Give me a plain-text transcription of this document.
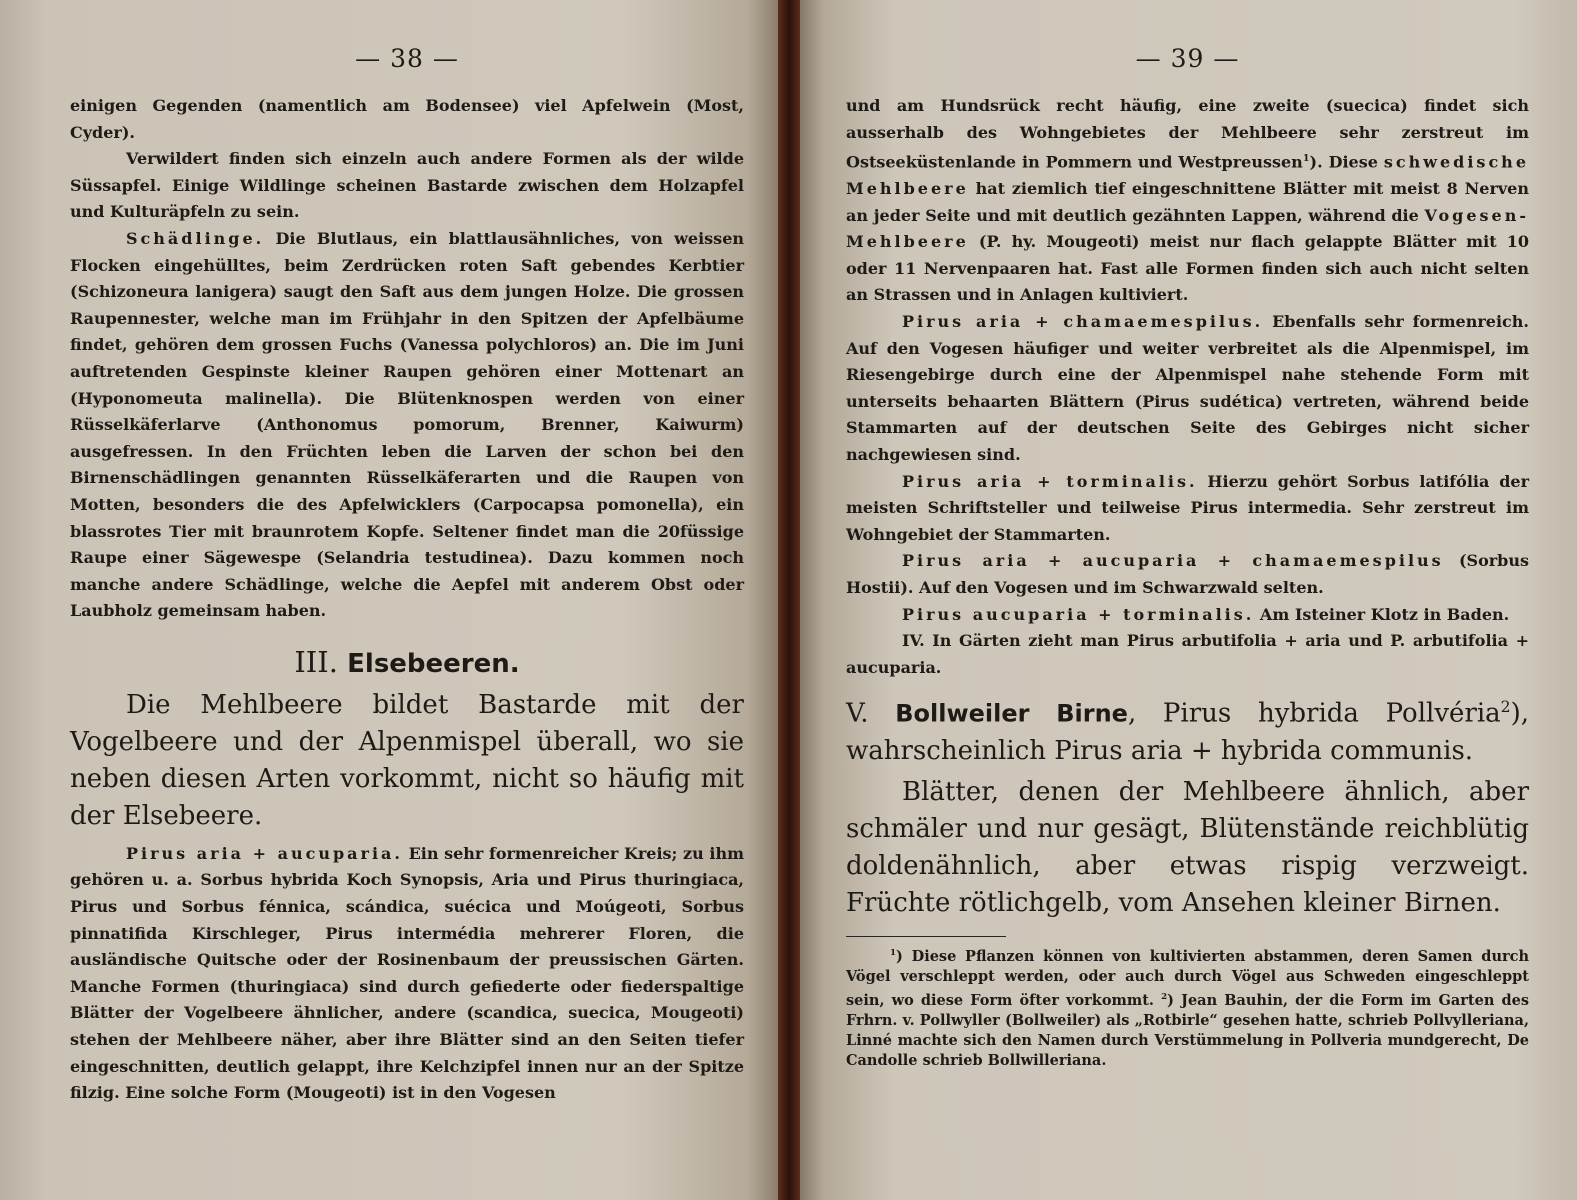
— 38 —

einigen Gegenden (namentlich am Bodensee) viel Apfelwein (Most, Cyder).

Verwildert finden sich einzeln auch andere Formen als der wilde Süssapfel. Einige Wildlinge scheinen Bastarde zwischen dem Holzapfel und Kulturäpfeln zu sein.

Schädlinge. Die Blutlaus, ein blattlausähnliches, von weissen Flocken eingehülltes, beim Zerdrücken roten Saft gebendes Kerbtier (Schizoneura lanigera) saugt den Saft aus dem jungen Holze. Die grossen Raupennester, welche man im Frühjahr in den Spitzen der Apfelbäume findet, gehören dem grossen Fuchs (Vanessa polychloros) an. Die im Juni auftretenden Gespinste kleiner Raupen gehören einer Mottenart an (Hyponomeuta malinella). Die Blütenknospen werden von einer Rüsselkäferlarve (Anthonomus pomorum, Brenner, Kaiwurm) ausgefressen. In den Früchten leben die Larven der schon bei den Birnenschädlingen genannten Rüsselkäferarten und die Raupen von Motten, besonders die des Apfelwicklers (Carpocapsa pomonella), ein blassrotes Tier mit braunrotem Kopfe. Seltener findet man die 20füssige Raupe einer Sägewespe (Selandria testudinea). Dazu kommen noch manche andere Schädlinge, welche die Aepfel mit anderem Obst oder Laubholz gemeinsam haben.

III. Elsebeeren.

Die Mehlbeere bildet Bastarde mit der Vogelbeere und der Alpenmispel überall, wo sie neben diesen Arten vorkommt, nicht so häufig mit der Elsebeere.

Pirus aria + aucuparia. Ein sehr formenreicher Kreis; zu ihm gehören u. a. Sorbus hybrida Koch Synopsis, Aria und Pirus thuringiaca, Pirus und Sorbus fénnica, scándica, suécica und Moúgeoti, Sorbus pinnatifida Kirschleger, Pirus intermédia mehrerer Floren, die ausländische Quitsche oder der Rosinenbaum der preussischen Gärten. Manche Formen (thuringiaca) sind durch gefiederte oder fiederspaltige Blätter der Vogelbeere ähnlicher, andere (scandica, suecica, Mougeoti) stehen der Mehlbeere näher, aber ihre Blätter sind an den Seiten tiefer eingeschnitten, deutlich gelappt, ihre Kelchzipfel innen nur an der Spitze filzig. Eine solche Form (Mougeoti) ist in den Vogesen

— 39 —

und am Hundsrück recht häufig, eine zweite (suecica) findet sich ausserhalb des Wohngebietes der Mehlbeere sehr zerstreut im Ostseeküstenlande in Pommern und Westpreussen$^1$). Diese schwedische Mehlbeere hat ziemlich tief eingeschnittene Blätter mit meist 8 Nerven an jeder Seite und mit deutlich gezähnten Lappen, während die Vogesen-Mehlbeere (P. hy. Mougeoti) meist nur flach gelappte Blätter mit 10 oder 11 Nervenpaaren hat. Fast alle Formen finden sich auch nicht selten an Strassen und in Anlagen kultiviert.

Pirus aria + chamaemespilus. Ebenfalls sehr formenreich. Auf den Vogesen häufiger und weiter verbreitet als die Alpenmispel, im Riesengebirge durch eine der Alpenmispel nahe stehende Form mit unterseits behaarten Blättern (Pirus sudética) vertreten, während beide Stammarten auf der deutschen Seite des Gebirges nicht sicher nachgewiesen sind.

Pirus aria + torminalis. Hierzu gehört Sorbus latifólia der meisten Schriftsteller und teilweise Pirus intermedia. Sehr zerstreut im Wohngebiet der Stammarten.

Pirus aria + aucuparia + chamaemespilus (Sorbus Hostii). Auf den Vogesen und im Schwarzwald selten.

Pirus aucuparia + torminalis. Am Isteiner Klotz in Baden.

IV. In Gärten zieht man Pirus arbutifolia + aria und P. arbutifolia + aucuparia.

V. Bollweiler Birne, Pirus hybrida Pollvéria$^2$), wahrscheinlich Pirus aria + hybrida communis.

Blätter, denen der Mehlbeere ähnlich, aber schmäler und nur gesägt, Blütenstände reichblütig doldenähnlich, aber etwas rispig verzweigt. Früchte rötlichgelb, vom Ansehen kleiner Birnen.

$^1$) Diese Pflanzen können von kultivierten abstammen, deren Samen durch Vögel verschleppt werden, oder auch durch Vögel aus Schweden eingeschleppt sein, wo diese Form öfter vorkommt. $^2$) Jean Bauhin, der die Form im Garten des Frhrn. v. Pollwyller (Bollweiler) als „Rotbirle“ gesehen hatte, schrieb Pollvylleriana, Linné machte sich den Namen durch Verstümmelung in Pollveria mundgerecht, De Candolle schrieb Bollwilleriana.
